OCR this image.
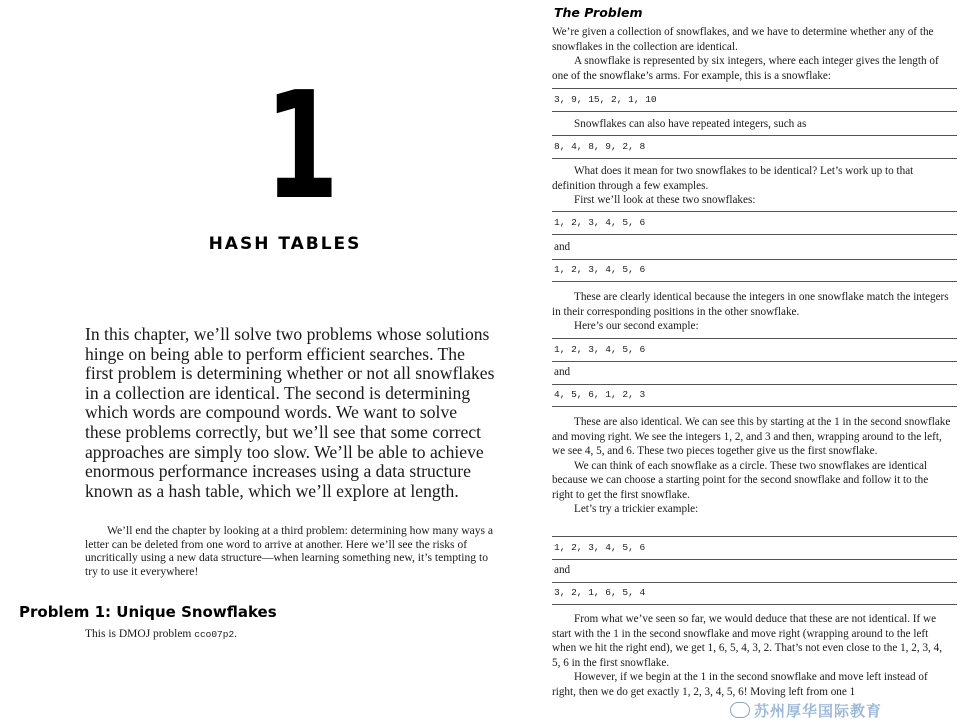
1
HASH TABLES

In this chapter, we’ll solve two problems whose solutions hinge on being able to perform efficient searches. The first problem is determining whether or not all snowflakes in a collection are identical. The second is determining which words are compound words. We want to solve these problems correctly, but we’ll see that some correct approaches are simply too slow. We’ll be able to achieve enormous performance increases using a data structure known as a hash table, which we’ll explore at length.

We’ll end the chapter by looking at a third problem: determining how many ways a letter can be deleted from one word to arrive at another. Here we’ll see the risks of uncritically using a new data structure—when learning something new, it’s tempting to try to use it everywhere!

Problem 1: Unique Snowflakes
This is DMOJ problem cco07p2.
The Problem

We’re given a collection of snowflakes, and we have to determine whether any of the snowflakes in the collection are identical.

A snowflake is represented by six integers, where each integer gives the length of one of the snowflake’s arms. For example, this is a snowflake:

3, 9, 15, 2, 1, 10

Snowflakes can also have repeated integers, such as

8, 4, 8, 9, 2, 8

What does it mean for two snowflakes to be identical? Let’s work up to that definition through a few examples.

First we’ll look at these two snowflakes:

1, 2, 3, 4, 5, 6
and
1, 2, 3, 4, 5, 6

These are clearly identical because the integers in one snowflake match the integers in their corresponding positions in the other snowflake.

Here’s our second example:

1, 2, 3, 4, 5, 6
and
4, 5, 6, 1, 2, 3

These are also identical. We can see this by starting at the 1 in the second snowflake and moving right. We see the integers 1, 2, and 3 and then, wrapping around to the left, we see 4, 5, and 6. These two pieces together give us the first snowflake.

We can think of each snowflake as a circle. These two snowflakes are identical because we can choose a starting point for the second snowflake and follow it to the right to get the first snowflake.

Let’s try a trickier example:

1, 2, 3, 4, 5, 6
and
3, 2, 1, 6, 5, 4

From what we’ve seen so far, we would deduce that these are not identical. If we start with the 1 in the second snowflake and move right (wrapping around to the left when we hit the right end), we get 1, 6, 5, 4, 3, 2. That’s not even close to the 1, 2, 3, 4, 5, 6 in the first snowflake.

However, if we begin at the 1 in the second snowflake and move left instead of right, then we do get exactly 1, 2, 3, 4, 5, 6! Moving left from one 1

苏州厚华国际教育
